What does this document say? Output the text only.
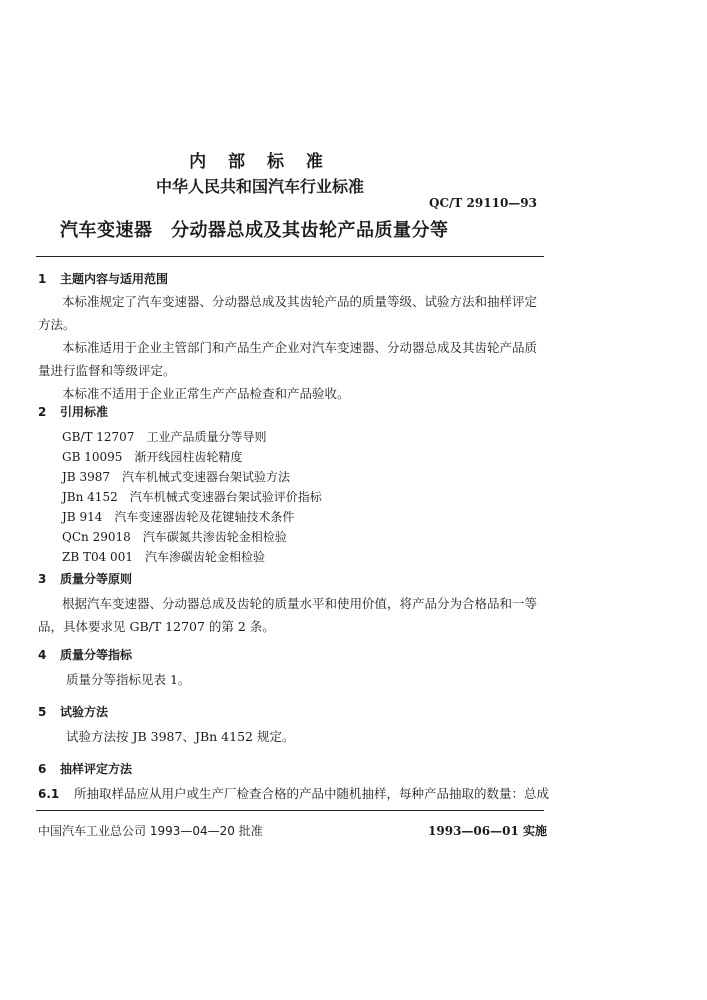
内 部 标 准
中华人民共和国汽车行业标准
QC/T 29110—93
汽车变速器　分动器总成及其齿轮产品质量分等
1 主题内容与适用范围

本标准规定了汽车变速器、分动器总成及其齿轮产品的质量等级、试验方法和抽样评定方法。

本标准适用于企业主管部门和产品生产企业对汽车变速器、分动器总成及其齿轮产品质量进行监督和等级评定。

本标准不适用于企业正常生产产品检查和产品验收。

2 引用标准
GB/T 12707　 工业产品质量分等导则
GB 10095　 渐开线园柱齿轮精度
JB 3987　 汽车机械式变速器台架试验方法
JBn 4152　 汽车机械式变速器台架试验评价指标
JB 914　 汽车变速器齿轮及花键轴技术条件
QCn 29018　 汽车碳氮共渗齿轮金相检验
ZB T04 001　 汽车渗碳齿轮金相检验
3 质量分等原则

根据汽车变速器、分动器总成及齿轮的质量水平和使用价值，将产品分为合格品和一等品，具体要求见 GB/T 12707 的第 2 条。

4 质量分等指标
质量分等指标见表 1。
5 试验方法
试验方法按 JB 3987、JBn 4152 规定。
6 抽样评定方法
6.1 所抽取样品应从用户或生产厂检查合格的产品中随机抽样，每种产品抽取的数量：总成
中国汽车工业总公司 1993—04—20 批准	1993—06—01 实施
